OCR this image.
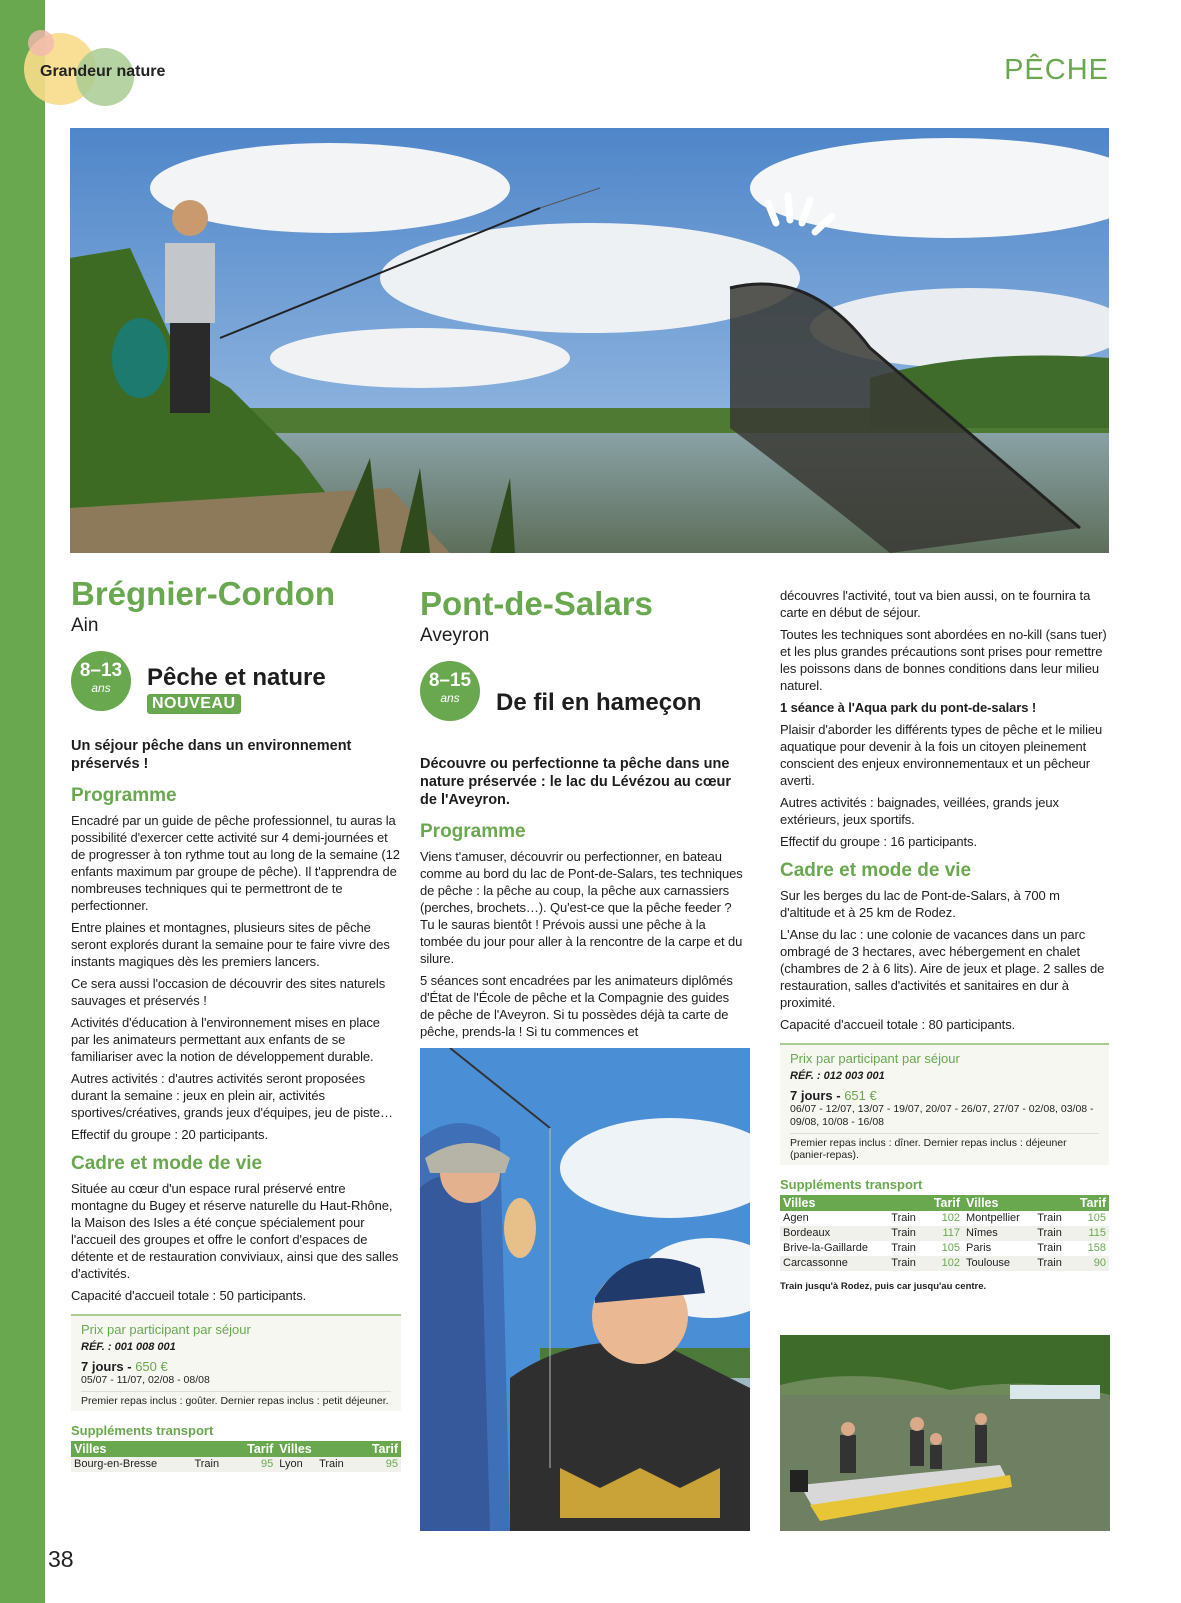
Grandeur nature	PÊCHE
Brégnier-Cordon
Ain
8–13
ans	Pêche et nature
NOUVEAU
Un séjour pêche dans un environnement préservés !
Programme

Encadré par un guide de pêche professionnel, tu auras la possibilité d'exercer cette activité sur 4 demi-journées et de progresser à ton rythme tout au long de la semaine (12 enfants maximum par groupe de pêche). Il t'apprendra de nombreuses techniques qui te permettront de te perfectionner.

Entre plaines et montagnes, plusieurs sites de pêche seront explorés durant la semaine pour te faire vivre des instants magiques dès les premiers lancers.

Ce sera aussi l'occasion de découvrir des sites naturels sauvages et préservés !

Activités d'éducation à l'environnement mises en place par les animateurs permettant aux enfants de se familiariser avec la notion de développement durable.

Autres activités : d'autres activités seront proposées durant la semaine : jeux en plein air, activités sportives/créatives, grands jeux d'équipes, jeu de piste…

Effectif du groupe : 20 participants.

Cadre et mode de vie

Située au cœur d'un espace rural préservé entre montagne du Bugey et réserve naturelle du Haut-Rhône, la Maison des Isles a été conçue spécialement pour l'accueil des groupes et offre le confort d'espaces de détente et de restauration conviviaux, ainsi que des salles d'activités.

Capacité d'accueil totale : 50 participants.

Prix par participant par séjour
RÉF. : 001 008 001
7 jours - 650 €
05/07 - 11/07, 02/08 - 08/08
Premier repas inclus : goûter. Dernier repas inclus : petit déjeuner.
Suppléments transport
Villes		Tarif	Villes		Tarif
Bourg-en-Bresse	Train	95	Lyon	Train	95
Pont-de-Salars
Aveyron
8–15
ans	De fil en hameçon
Découvre ou perfectionne ta pêche dans une nature préservée : le lac du Lévézou au cœur de l'Aveyron.
Programme

Viens t'amuser, découvrir ou perfectionner, en bateau comme au bord du lac de Pont-de-Salars, tes techniques de pêche : la pêche au coup, la pêche aux carnassiers (perches, brochets…). Qu'est-ce que la pêche feeder ? Tu le sauras bientôt ! Prévois aussi une pêche à la tombée du jour pour aller à la rencontre de la carpe et du silure.

5 séances sont encadrées par les animateurs diplômés d'État de l'École de pêche et la Compagnie des guides de pêche de l'Aveyron. Si tu possèdes déjà ta carte de pêche, prends-la ! Si tu commences et

découvres l'activité, tout va bien aussi, on te fournira ta carte en début de séjour.

Toutes les techniques sont abordées en no-kill (sans tuer) et les plus grandes précautions sont prises pour remettre les poissons dans de bonnes conditions dans leur milieu naturel.

1 séance à l'Aqua park du pont-de-salars !

Plaisir d'aborder les différents types de pêche et le milieu aquatique pour devenir à la fois un citoyen pleinement conscient des enjeux environnementaux et un pêcheur averti.

Autres activités : baignades, veillées, grands jeux extérieurs, jeux sportifs.

Effectif du groupe : 16 participants.

Cadre et mode de vie

Sur les berges du lac de Pont-de-Salars, à 700 m d'altitude et à 25 km de Rodez.

L'Anse du lac : une colonie de vacances dans un parc ombragé de 3 hectares, avec hébergement en chalet (chambres de 2 à 6 lits). Aire de jeux et plage. 2 salles de restauration, salles d'activités et sanitaires en dur à proximité.

Capacité d'accueil totale : 80 participants.

Prix par participant par séjour
RÉF. : 012 003 001
7 jours - 651 €
06/07 - 12/07, 13/07 - 19/07, 20/07 - 26/07, 27/07 - 02/08, 03/08 - 09/08, 10/08 - 16/08
Premier repas inclus : dîner. Dernier repas inclus : déjeuner (panier-repas).
Suppléments transport
Villes		Tarif	Villes		Tarif
Agen	Train	102	Montpellier	Train	105
Bordeaux	Train	117	Nîmes	Train	115
Brive-la-Gaillarde	Train	105	Paris	Train	158
Carcassonne	Train	102	Toulouse	Train	90
Train jusqu'à Rodez, puis car jusqu'au centre.
38
